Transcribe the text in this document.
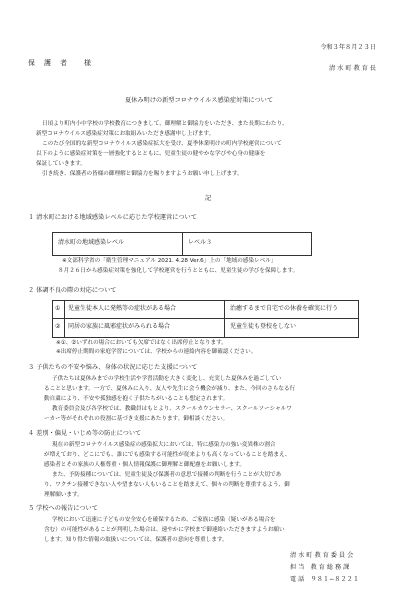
令和３年８月２３日
保　護　者　　様
清 水 町 教 育 長
夏休み明けの新型コロナウイルス感染症対策について
日頃より町内小中学校の学校教育につきまして、御理解と御協力をいただき、また長期にわたり、
新型コロナウイルス感染症対策にお取組みいただき感謝申し上げます。
このたび全国的な新型コロナウイルス感染症拡大を受け、夏季休業明けの町内学校運営について
以下のように感染症対策を一層強化するとともに、児童生徒の健やかな学びや心身の健康を
保証していきます。
引き続き、保護者の皆様の御理解と御協力を賜りますようお願い申し上げます。
記
１ 清水町における地域感染レベルに応じた学校運営について
清水町の地域感染レベル	レベル３
※文部科学省の「衛生管理マニュアル 2021. 4.28 Ver.6」上の「地域の感染レベル」
８月２６日から感染症対策を強化して学校運営を行うとともに、児童生徒の学びを保障します。
２ 体調不良の際の対応について
① 児童生徒本人に発熱等の症状がある場合	治癒するまで自宅での休養を確実に行う
② 同居の家族に風邪症状がみられる場合	児童生徒も登校をしない
※①、②いずれの場合においても欠席ではなく出席停止となります。
※出席停止期間の家庭学習については、学校からの連絡内容を御確認ください。
３ 子供たちの不安や悩み、身体の状況に応じた支援について
子供たちは夏休みまでの学校生活や学習活動を大きく変化し、充実した夏休みを過ごしてい
ることと思います。一方で、夏休みに入り、友人や先生に会う機会が減り、また、今回のさらなる行
動自粛により、不安や孤独感を抱く子供たちがいることも想定されます。
教育委員会及び各学校では、教職員はもとより、スクールカウンセラー、スクールソーシャルワ
ーカー等がそれぞれの役割に基づき支援にあたります。御相談ください。
４ 差別・偏見・いじめ等の防止について
現在の新型コロナウイルス感染症の感染拡大においては、特に感染力の強い変異株の割合
が増えており、どこにでも、誰にでも感染する可能性が従来よりも高くなっていることを踏まえ、
感染者とその家族の人権尊重・個人情報保護に御理解と御配慮をお願いします。
また、予防接種については、児童生徒及び保護者の意思で接種の判断を行うことが大切であ
り、ワクチン接種できない人や望まない人もいることを踏まえて、個々の判断を尊重するよう、御
理解願います。
５ 学校への報告について
学校において迅速に子どもの安全安心を確保するため、ご家族に感染（疑いがある場合を
含む）の可能性があることが判明した場合は、速やかに学校まで御連絡いただきますようお願い
します。知り得た情報の取扱いについては、保護者の意向を尊重します。
清 水 町 教 育 委 員 会
担 当　教 育 総 務 課
電 話　９８１−８２２１
